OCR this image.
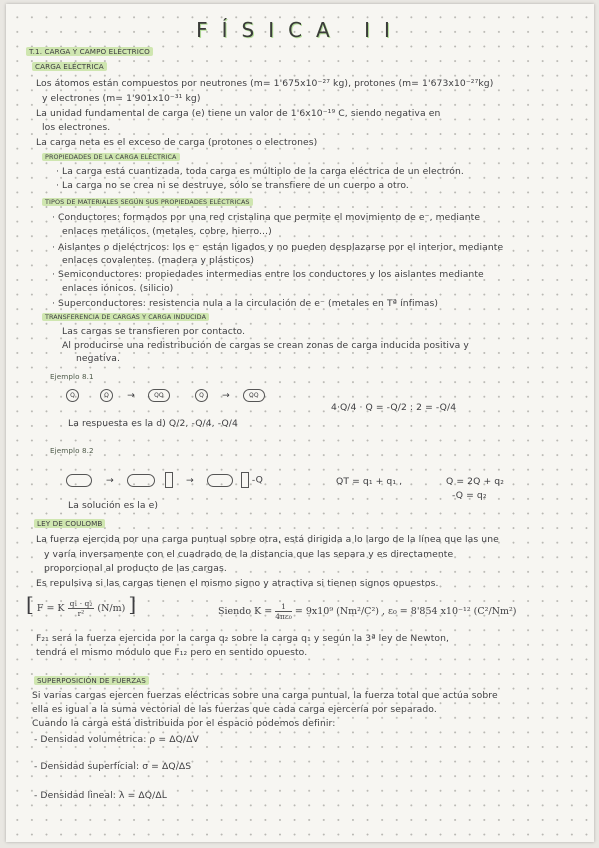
FÍSICA II
T.1. CARGA Y CAMPO ELÉCTRICO
CARGA ELÉCTRICA
Los átomos están compuestos por neutrones (m= 1'675x10⁻²⁷ kg), protones (m= 1'673x10⁻²⁷kg)
y electrones (m= 1'901x10⁻³¹ kg)
La unidad fundamental de carga (e) tiene un valor de 1'6x10⁻¹⁹ C, siendo negativa en
los electrones.
La carga neta es el exceso de carga (protones o electrones)
PROPIEDADES DE LA CARGA ELÉCTRICA
· La carga está cuantizada, toda carga es múltiplo de la carga eléctrica de un electrón.
· La carga no se crea ni se destruye, sólo se transfiere de un cuerpo a otro.
TIPOS DE MATERIALES SEGÚN SUS PROPIEDADES ELÉCTRICAS
· Conductores: formados por una red cristalina que permite el movimiento de e⁻, mediante
enlaces metálicos. (metales, cobre, hierro...)
· Aislantes o dieléctricos: los e⁻ están ligados y no pueden desplazarse por el interior, mediante
enlaces covalentes. (madera y plásticos)
· Semiconductores: propiedades intermedias entre los conductores y los aislantes mediante
enlaces iónicos. (silicio)
· Superconductores: resistencia nula a la circulación de e⁻ (metales en Tª ínfimas)
TRANSFERENCIA DE CARGAS Y CARGA INDUCIDA
Las cargas se transfieren por contacto.
Al producirse una redistribución de cargas se crean zonas de carga inducida positiva y
negativa.
Ejemplo 8.1
Q	Q →	QQ	Q →	QQ
4·Q/4 · Q = -Q/2 : 2 = -Q/4
La respuesta es la d) Q/2, -Q/4, -Q/4
Ejemplo 8.2
→	→	-Q	QT = q₁ + q₁ ,	Q = 2Q + q₂
-Q = q₂
La solución es la e)
LEY DE COULOMB
La fuerza ejercida por una carga puntual sobre otra, está dirigida a lo largo de la línea que las une
y varía inversamente con el cuadrado de la distancia que las separa y es directamente
proporcional al producto de las cargas.
Es repulsiva si las cargas tienen el mismo signo y atractiva si tienen signos opuestos.
[ F = K $\frac{\text{q₁ · q₂}}{\text{r²}} (N/m)$ ]	Siendo $K = \frac{1}{\text{4πε₀}} = 9x10^9$ (Nm²/C²) , ε₀ = 8'854 x10⁻¹² (C²/Nm²)
F₂₁ será la fuerza ejercida por la carga q₂ sobre la carga q₁ y según la 3ª ley de Newton,
tendrá el mismo módulo que F₁₂ pero en sentido opuesto.
SUPERPOSICIÓN DE FUERZAS
Si varias cargas ejercen fuerzas eléctricas sobre una carga puntual, la fuerza total que actúa sobre
ella es igual a la suma vectorial de las fuerzas que cada carga ejercería por separado.
Cuando la carga está distribuida por el espacio podemos definir:
- Densidad volumétrica: ρ = ΔQ/ΔV
- Densidad superficial: σ = ΔQ/ΔS
- Densidad lineal: λ = ΔQ/ΔL
